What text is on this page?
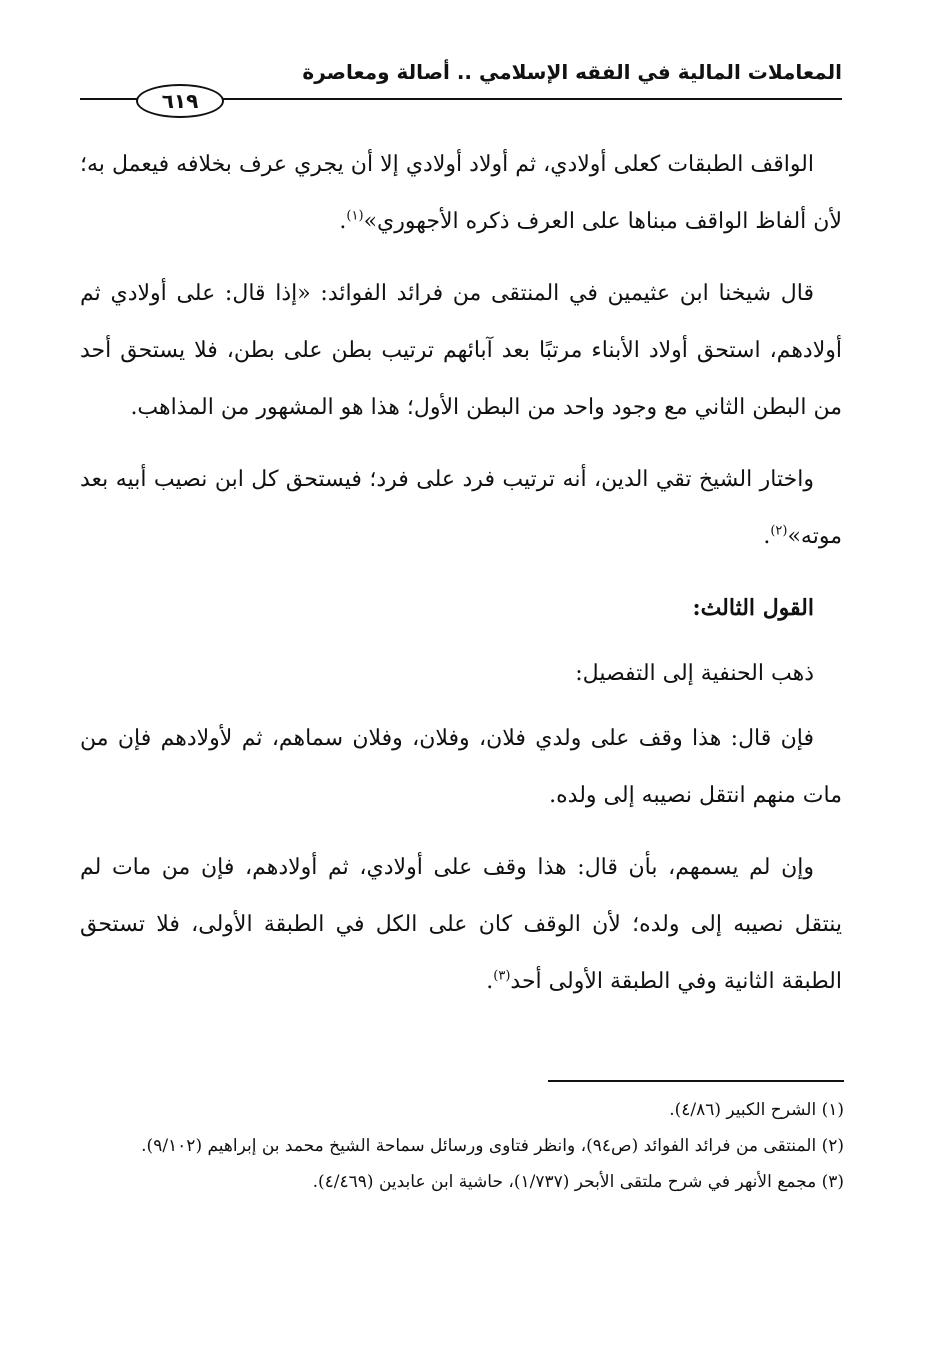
المعاملات المالية في الفقه الإسلامي .. أصالة ومعاصرة
٦١٩

الواقف الطبقات كعلى أولادي، ثم أولاد أولادي إلا أن يجري عرف بخلافه فيعمل به؛ لأن ألفاظ الواقف مبناها على العرف ذكره الأجهوري»$^{(١)}$.

قال شيخنا ابن عثيمين في المنتقى من فرائد الفوائد: «إذا قال: على أولادي ثم أولادهم، استحق أولاد الأبناء مرتبًا بعد آبائهم ترتيب بطن على بطن، فلا يستحق أحد من البطن الثاني مع وجود واحد من البطن الأول؛ هذا هو المشهور من المذاهب.

واختار الشيخ تقي الدين، أنه ترتيب فرد على فرد؛ فيستحق كل ابن نصيب أبيه بعد موته»$^{(٢)}$.

القول الثالث:

ذهب الحنفية إلى التفصيل:

فإن قال: هذا وقف على ولدي فلان، وفلان، وفلان سماهم، ثم لأولادهم فإن من مات منهم انتقل نصيبه إلى ولده.

وإن لم يسمهم، بأن قال: هذا وقف على أولادي، ثم أولادهم، فإن من مات لم ينتقل نصيبه إلى ولده؛ لأن الوقف كان على الكل في الطبقة الأولى، فلا تستحق الطبقة الثانية وفي الطبقة الأولى أحد$^{(٣)}$.

(١) الشرح الكبير (٤/٨٦).
(٢) المنتقى من فرائد الفوائد (ص٩٤)، وانظر فتاوى ورسائل سماحة الشيخ محمد بن إبراهيم (٩/١٠٢).
(٣) مجمع الأنهر في شرح ملتقى الأبحر (١/٧٣٧)، حاشية ابن عابدين (٤/٤٦٩).
